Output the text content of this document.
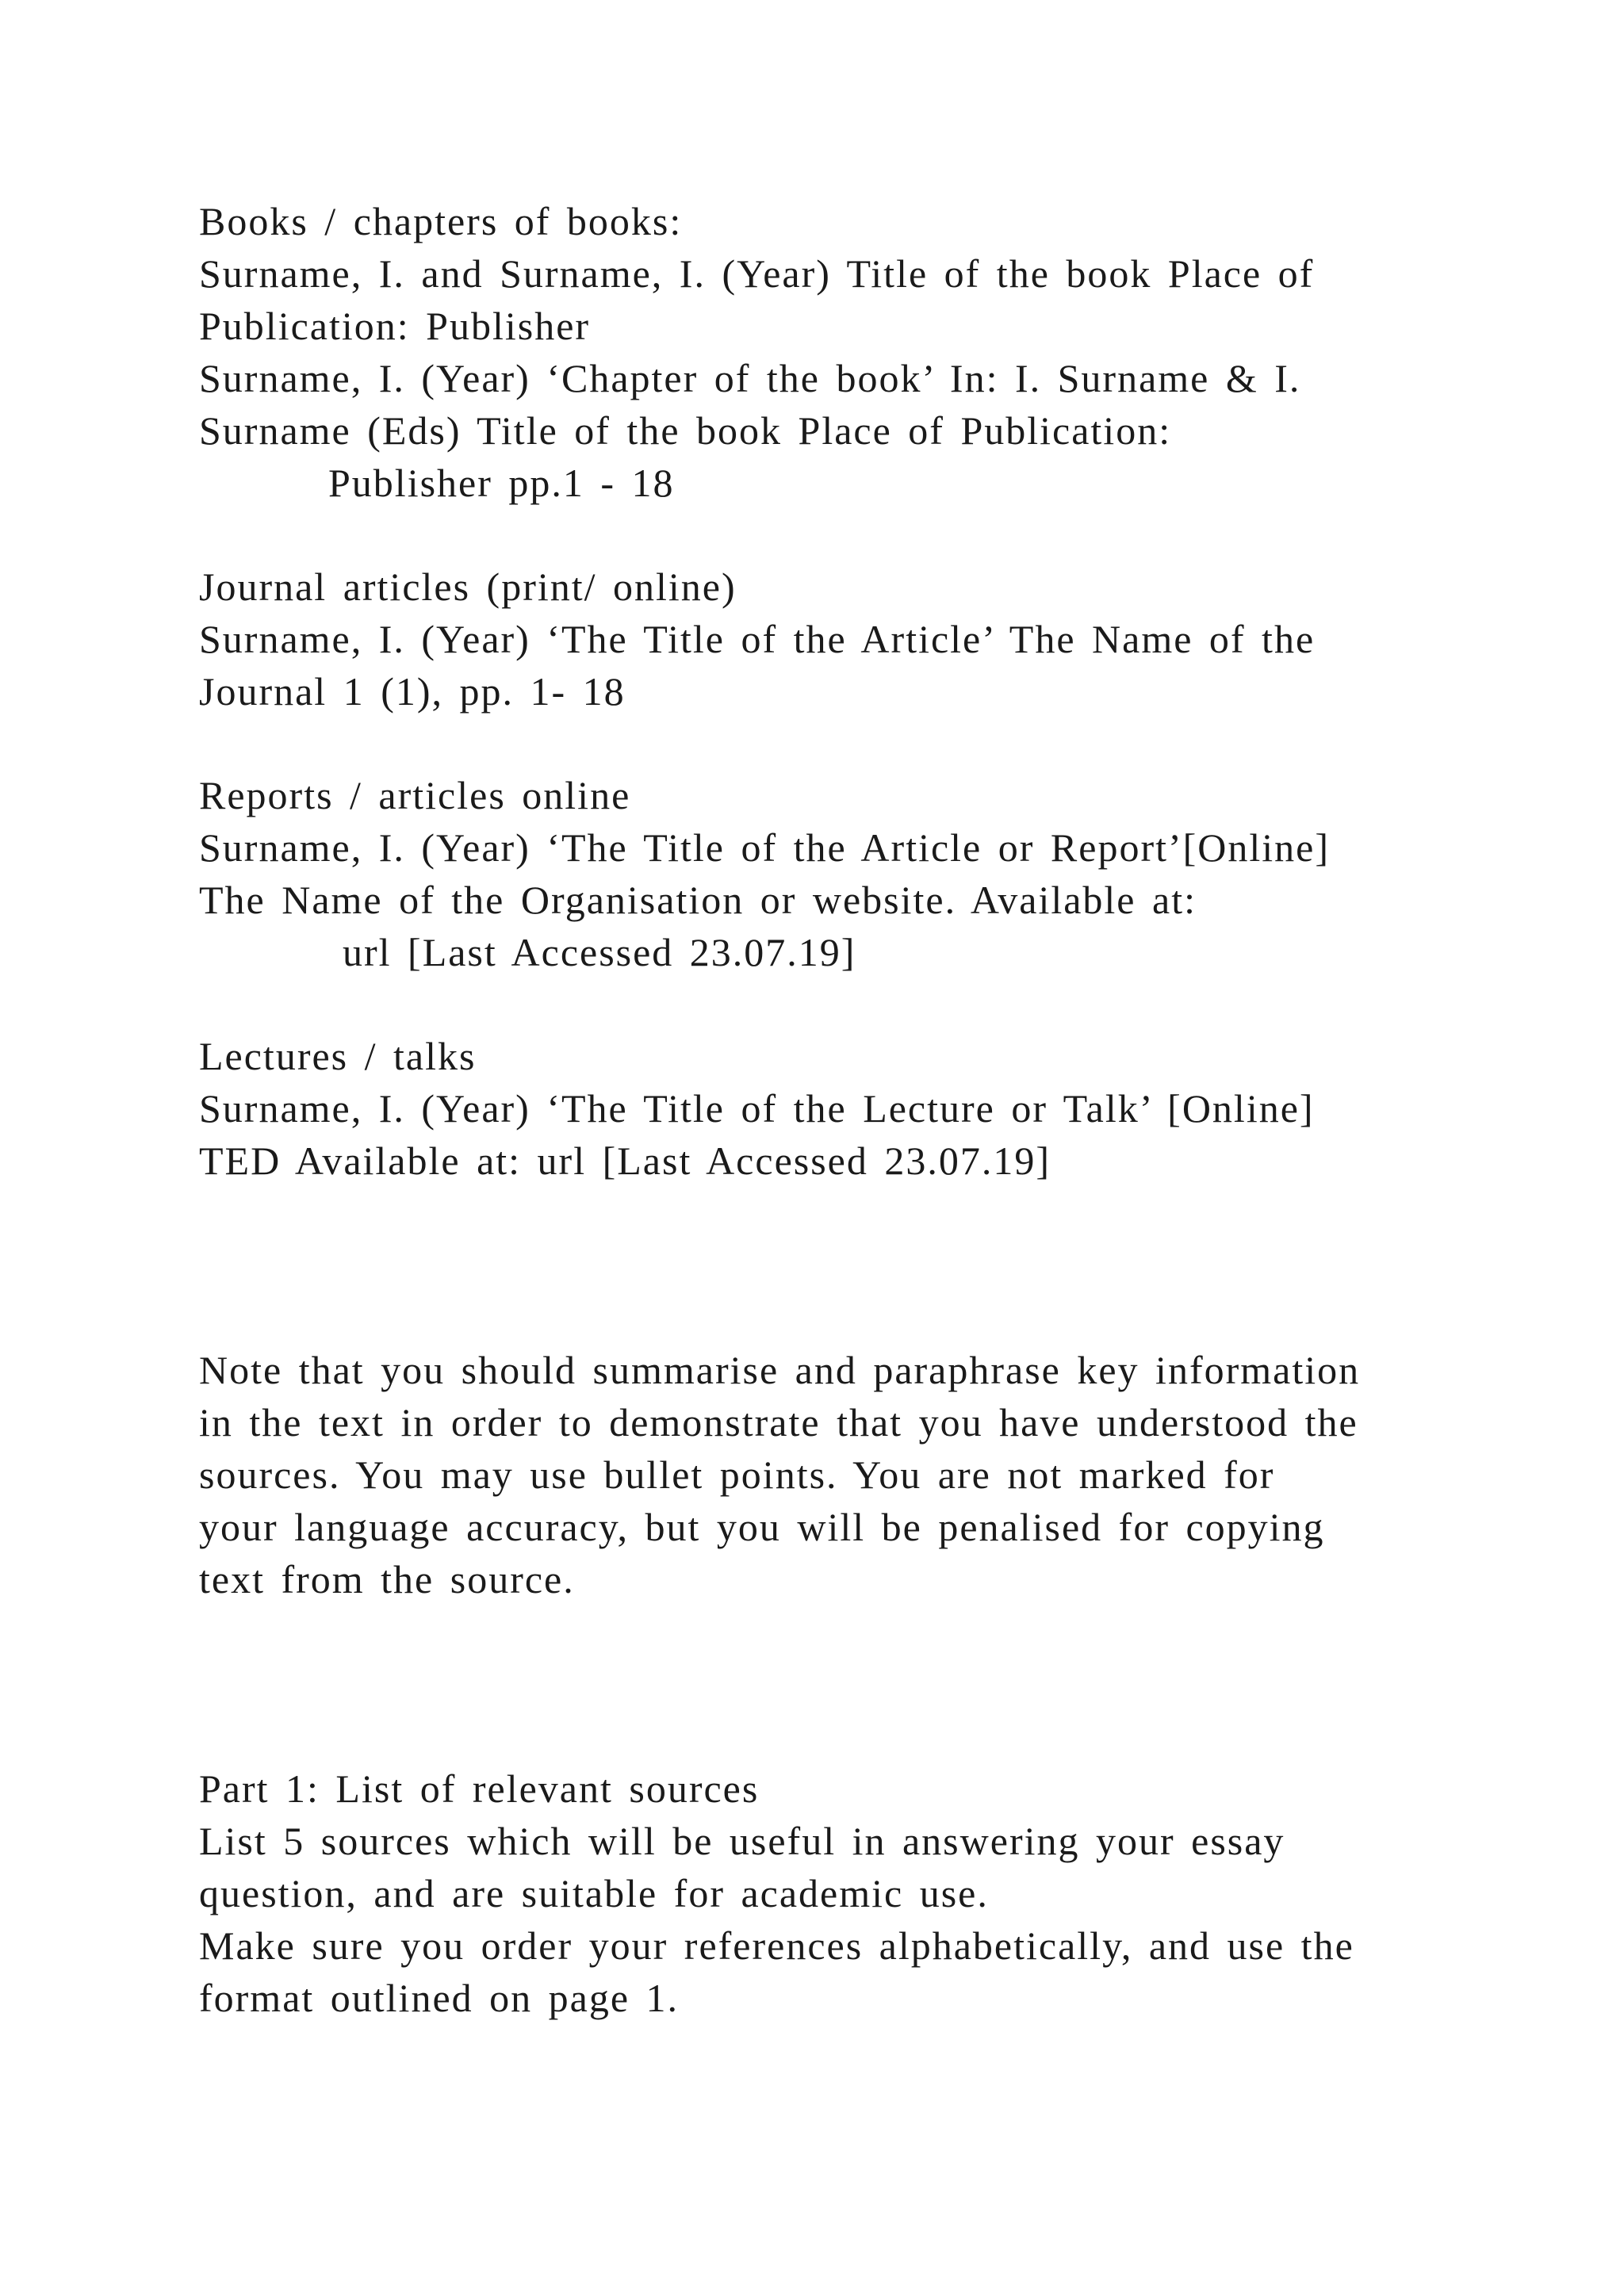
Books / chapters of books:

Surname, I. and Surname, I. (Year) Title of the book Place of

Publication: Publisher

Surname, I. (Year) ‘Chapter of the book’ In: I. Surname & I.

Surname (Eds) Title of the book Place of Publication:

Publisher pp.1 - 18

Journal articles (print/ online)

Surname, I. (Year) ‘The Title of the Article’ The Name of the

Journal 1 (1), pp. 1- 18

Reports / articles online

Surname, I. (Year) ‘The Title of the Article or Report’[Online]

The Name of the Organisation or website. Available at:

url [Last Accessed 23.07.19]

Lectures / talks

Surname, I. (Year) ‘The Title of the Lecture or Talk’ [Online]

TED Available at: url [Last Accessed 23.07.19]

Note that you should summarise and paraphrase key information

in the text in order to demonstrate that you have understood the

sources. You may use bullet points. You are not marked for

your language accuracy, but you will be penalised for copying

text from the source.

Part 1: List of relevant sources

List 5 sources which will be useful in answering your essay

question, and are suitable for academic use.

Make sure you order your references alphabetically, and use the

format outlined on page 1.
